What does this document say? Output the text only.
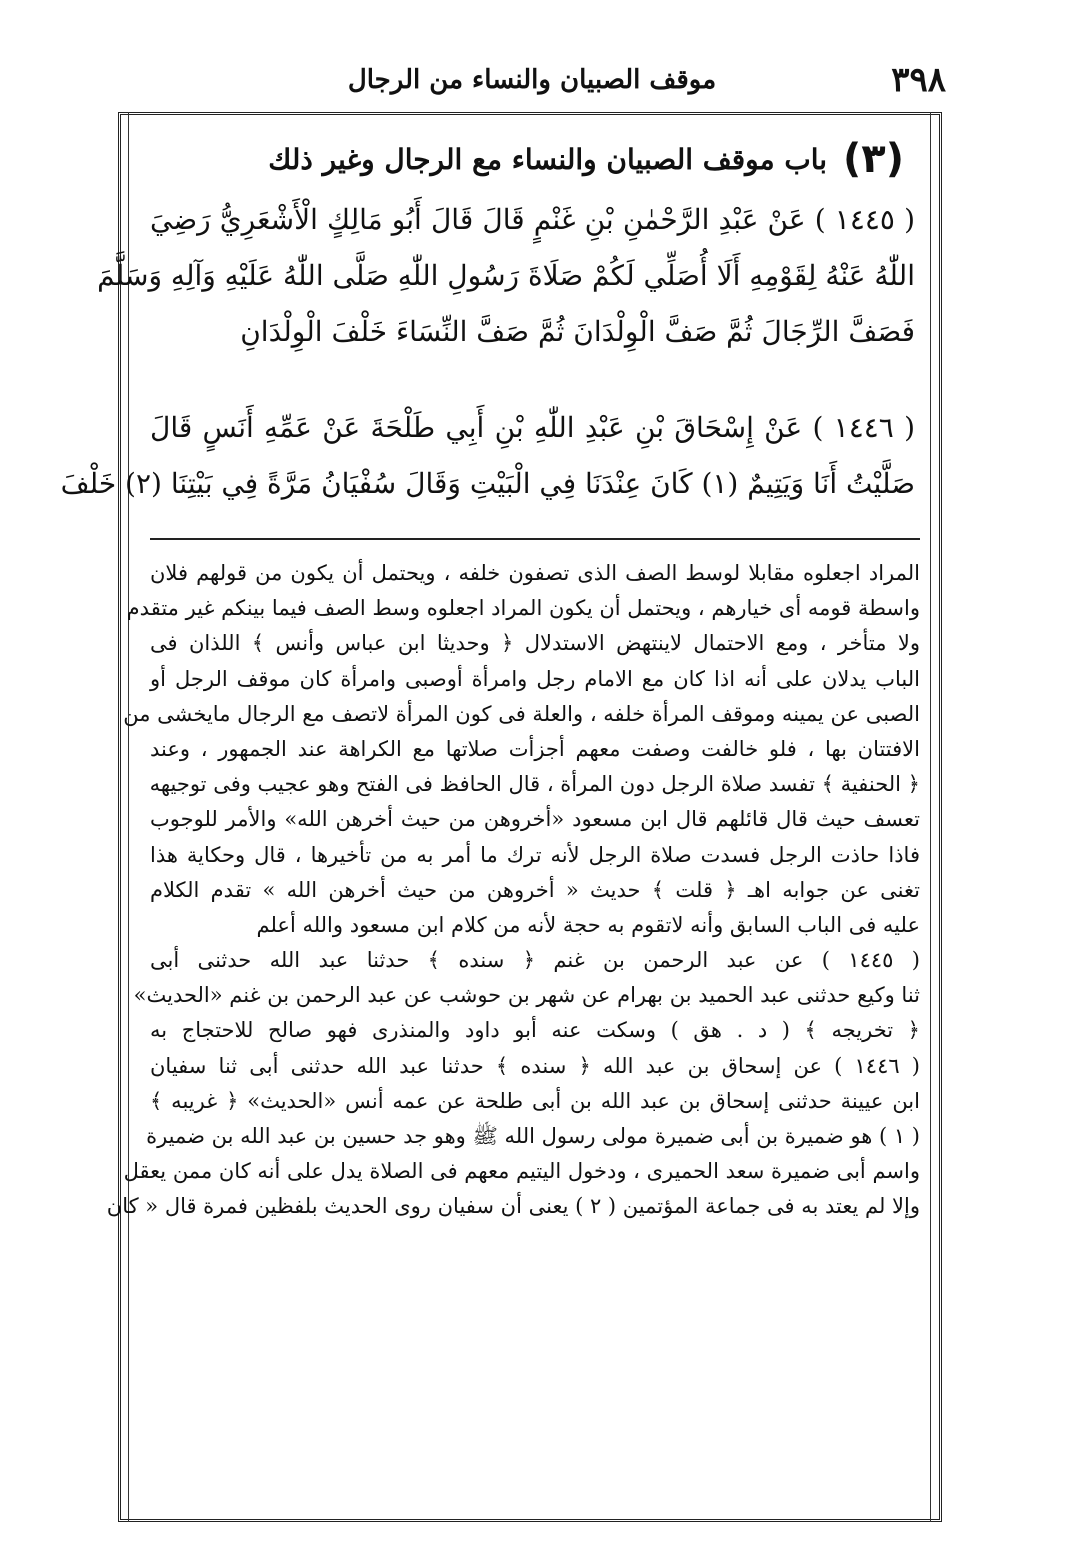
٣٩٨
موقف الصبيان والنساء من الرجال
(٣)
باب موقف الصبيان والنساء مع الرجال وغير ذلك
( ١٤٤٥ ) عَنْ عَبْدِ الرَّحْمٰنِ بْنِ غَنْمٍ قَالَ قَالَ أَبُو مَالِكٍ الْأَشْعَرِيُّ رَضِيَ
اللّٰهُ عَنْهُ لِقَوْمِهِ أَلَا أُصَلِّي لَكُمْ صَلَاةَ رَسُولِ اللّٰهِ صَلَّى اللّٰهُ عَلَيْهِ وَآلِهِ وَسَلَّمَ
فَصَفَّ الرِّجَالَ ثُمَّ صَفَّ الْوِلْدَانَ ثُمَّ صَفَّ النِّسَاءَ خَلْفَ الْوِلْدَانِ
( ١٤٤٦ ) عَنْ إِسْحَاقَ بْنِ عَبْدِ اللّٰهِ بْنِ أَبِي طَلْحَةَ عَنْ عَمِّهِ أَنَسٍ قَالَ
صَلَّيْتُ أَنَا وَيَتِيمٌ (١) كَانَ عِنْدَنَا فِي الْبَيْتِ وَقَالَ سُفْيَانُ مَرَّةً فِي بَيْتِنَا (٢) خَلْفَ
المراد اجعلوه مقابلا لوسط الصف الذى تصفون خلفه ، ويحتمل أن يكون من قولهم فلان
واسطة قومه أى خيارهم ، ويحتمل أن يكون المراد اجعلوه وسط الصف فيما بينكم غير متقدم
ولا متأخر ، ومع الاحتمال لاينتهض الاستدلال ﴿ وحديثا ابن عباس وأنس ﴾ اللذان فى
الباب يدلان على أنه اذا كان مع الامام رجل وامرأة أوصبى وامرأة كان موقف الرجل أو
الصبى عن يمينه وموقف المرأة خلفه ، والعلة فى كون المرأة لاتصف مع الرجال مايخشى من
الافتتان بها ، فلو خالفت وصفت معهم أجزأت صلاتها مع الكراهة عند الجمهور ، وعند
﴿ الحنفية ﴾ تفسد صلاة الرجل دون المرأة ، قال الحافظ فى الفتح وهو عجيب وفى توجيهه
تعسف حيث قال قائلهم قال ابن مسعود «أخروهن من حيث أخرهن الله» والأمر للوجوب
فاذا حاذت الرجل فسدت صلاة الرجل لأنه ترك ما أمر به من تأخيرها ، قال وحكاية هذا
تغنى عن جوابه اهـ ﴿ قلت ﴾ حديث « أخروهن من حيث أخرهن الله » تقدم الكلام
عليه فى الباب السابق وأنه لاتقوم به حجة لأنه من كلام ابن مسعود والله أعلم
( ١٤٤٥ ) عن عبد الرحمن بن غنم ﴿ سنده ﴾ حدثنا عبد الله حدثنى أبى
ثنا وكيع حدثنى عبد الحميد بن بهرام عن شهر بن حوشب عن عبد الرحمن بن غنم «الحديث»
﴿ تخريجه ﴾ ( د . هق ) وسكت عنه أبو داود والمنذرى فهو صالح للاحتجاج به
( ١٤٤٦ ) عن إسحاق بن عبد الله ﴿ سنده ﴾ حدثنا عبد الله حدثنى أبى ثنا سفيان
ابن عيينة حدثنى إسحاق بن عبد الله بن أبى طلحة عن عمه أنس «الحديث» ﴿ غريبه ﴾
( ١ ) هو ضميرة بن أبى ضميرة مولى رسول الله ﷺ وهو جد حسين بن عبد الله بن ضميرة
واسم أبى ضميرة سعد الحميرى ، ودخول اليتيم معهم فى الصلاة يدل على أنه كان ممن يعقل
وإلا لم يعتد به فى جماعة المؤتمين ( ٢ ) يعنى أن سفيان روى الحديث بلفظين فمرة قال « كان
